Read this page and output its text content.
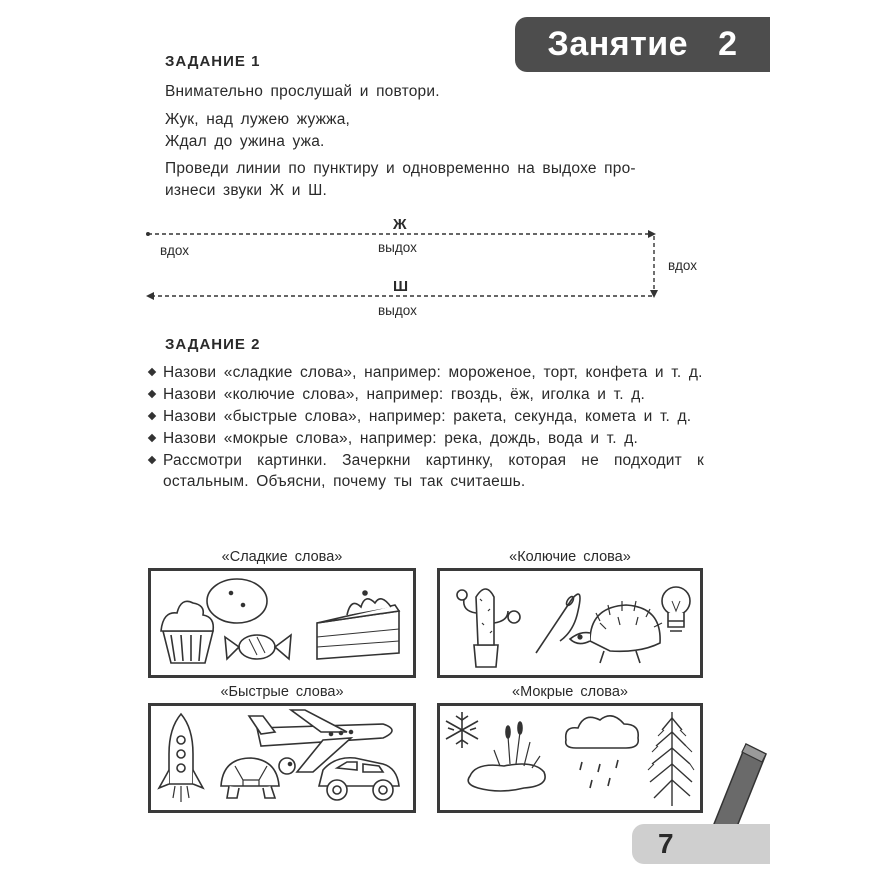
Занятие 2
ЗАДАНИЕ 1
Внимательно прослушай и повтори.
Жук, над лужею жужжа,
Ждал до ужина ужа.
Проведи линии по пунктиру и одновременно на выдохе про-
изнеси звуки Ж и Ш.
вдох
вдох
Ж
выдох
Ш
выдох
ЗАДАНИЕ 2
Назови «сладкие слова», например: мороженое, торт, конфета и т. д.
Назови «колючие слова», например: гвоздь, ёж, иголка и т. д.
Назови «быстрые слова», например: ракета, секунда, комета и т. д.
Назови «мокрые слова», например: река, дождь, вода и т. д.
Рассмотри картинки. Зачеркни картинку, которая не подходит к остальным. Объясни, почему ты так считаешь.
«Сладкие слова»	«Колючие слова»
«Быстрые слова»	«Мокрые слова»
7
